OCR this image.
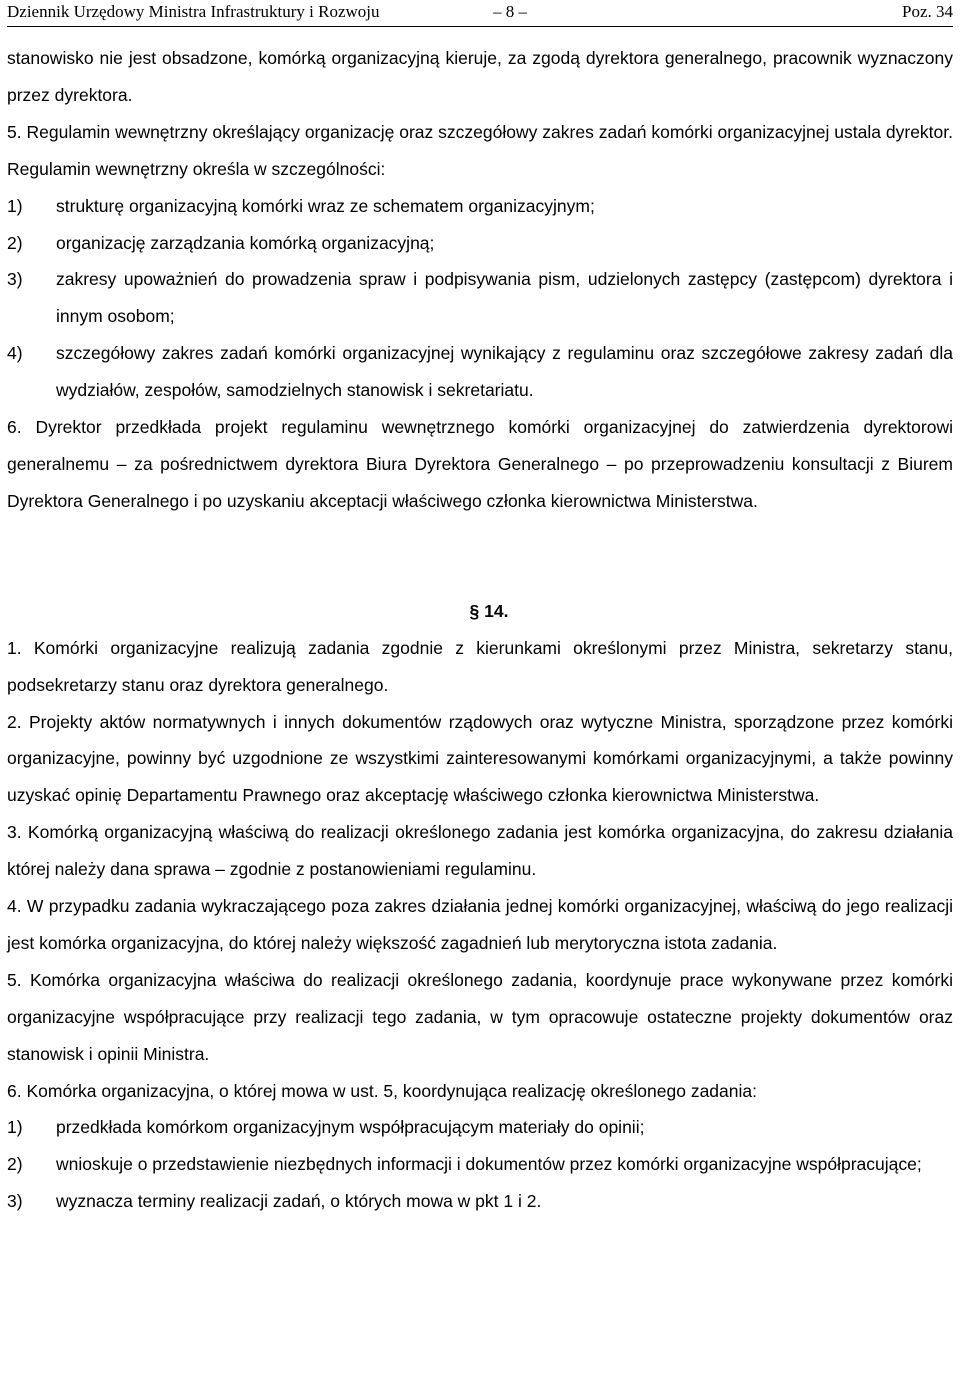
Dziennik Urzędowy Ministra Infrastruktury i Rozwoju	– 8 –	Poz. 34

stanowisko nie jest obsadzone, komórką organizacyjną kieruje, za zgodą dyrektora generalnego, pracownik wyznaczony przez dyrektora.

5. Regulamin wewnętrzny określający organizację oraz szczegółowy zakres zadań komórki organizacyjnej ustala dyrektor. Regulamin wewnętrzny określa w szczególności:

1)	strukturę organizacyjną komórki wraz ze schematem organizacyjnym;
2)	organizację zarządzania komórką organizacyjną;
3)	zakresy upoważnień do prowadzenia spraw i podpisywania pism, udzielonych zastępcy (zastępcom) dyrektora i innym osobom;
4)	szczegółowy zakres zadań komórki organizacyjnej wynikający z regulaminu oraz szczegółowe zakresy zadań dla wydziałów, zespołów, samodzielnych stanowisk i sekretariatu.

6. Dyrektor przedkłada projekt regulaminu wewnętrznego komórki organizacyjnej do zatwierdzenia dyrektorowi generalnemu – za pośrednictwem dyrektora Biura Dyrektora Generalnego – po przeprowadzeniu konsultacji z Biurem Dyrektora Generalnego i po uzyskaniu akceptacji właściwego członka kierownictwa Ministerstwa.

§ 14.

1. Komórki organizacyjne realizują zadania zgodnie z kierunkami określonymi przez Ministra, sekretarzy stanu, podsekretarzy stanu oraz dyrektora generalnego.

2. Projekty aktów normatywnych i innych dokumentów rządowych oraz wytyczne Ministra, sporządzone przez komórki organizacyjne, powinny być uzgodnione ze wszystkimi zainteresowanymi komórkami organizacyjnymi, a także powinny uzyskać opinię Departamentu Prawnego oraz akceptację właściwego członka kierownictwa Ministerstwa.

3. Komórką organizacyjną właściwą do realizacji określonego zadania jest komórka organizacyjna, do zakresu działania której należy dana sprawa – zgodnie z postanowieniami regulaminu.

4. W przypadku zadania wykraczającego poza zakres działania jednej komórki organizacyjnej, właściwą do jego realizacji jest komórka organizacyjna, do której należy większość zagadnień lub merytoryczna istota zadania.

5. Komórka organizacyjna właściwa do realizacji określonego zadania, koordynuje prace wykonywane przez komórki organizacyjne współpracujące przy realizacji tego zadania, w tym opracowuje ostateczne projekty dokumentów oraz stanowisk i opinii Ministra.

6. Komórka organizacyjna, o której mowa w ust. 5, koordynująca realizację określonego zadania:

1)	przedkłada komórkom organizacyjnym współpracującym materiały do opinii;
2)	wnioskuje o przedstawienie niezbędnych informacji i dokumentów przez komórki organizacyjne współpracujące;
3)	wyznacza terminy realizacji zadań, o których mowa w pkt 1 i 2.
